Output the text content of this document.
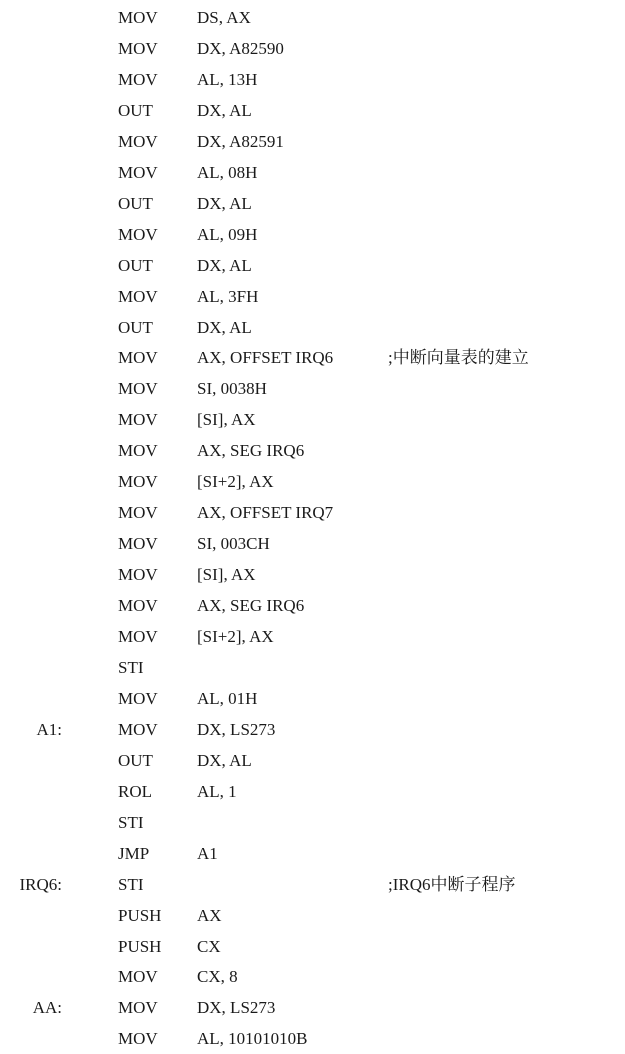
MOV DS, AX
MOV DX, A82590
MOV AL, 13H
OUT	DX, AL
MOV DX, A82591
MOV AL, 08H
OUT	DX, AL
MOV AL, 09H
OUT	DX, AL
MOV AL, 3FH
OUT	DX, AL
MOV AX, OFFSET IRQ6	;中断向量表的建立
MOV SI, 0038H
MOV [SI], AX
MOV AX, SEG IRQ6
MOV [SI+2], AX
MOV AX, OFFSET IRQ7
MOV SI, 003CH
MOV [SI], AX
MOV AX, SEG IRQ6
MOV [SI+2], AX
STI
MOV AL, 01H
A1:	MOV DX, LS273
OUT	DX, AL
ROL	AL, 1
STI
JMP	A1
IRQ6:	STI	;IRQ6中断子程序
PUSH AX
PUSH CX
MOV CX, 8
AA:	MOV DX, LS273
MOV AL, 10101010B
